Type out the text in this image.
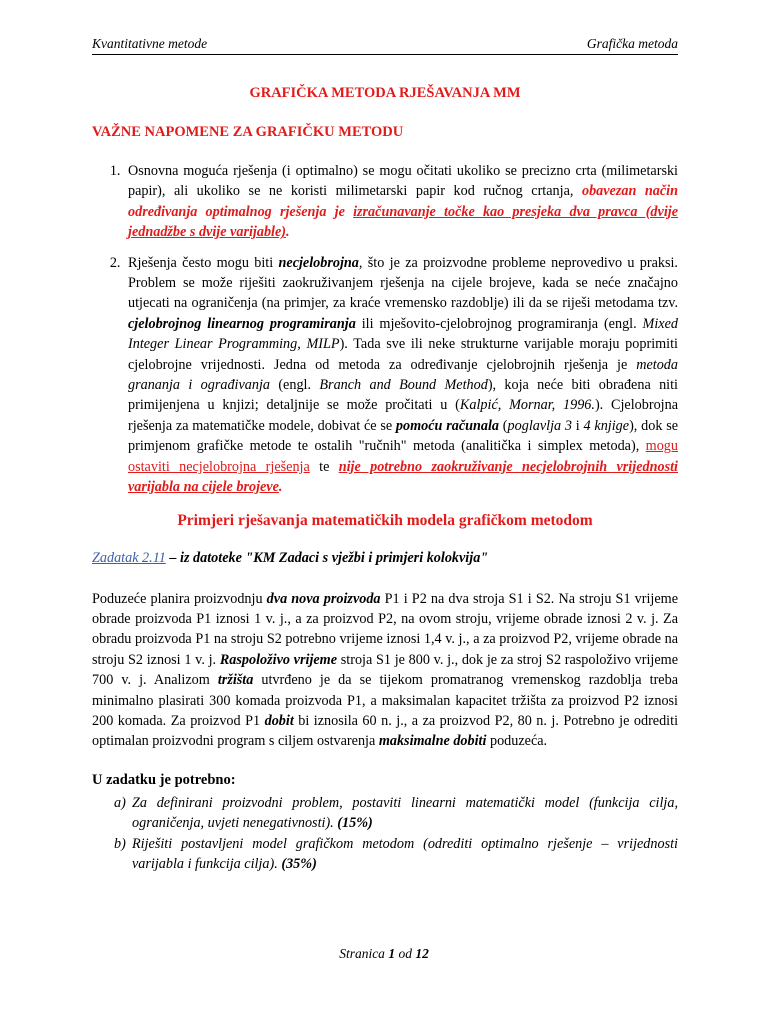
Kvantitativne metode	Grafička metoda
GRAFIČKA METODA RJEŠAVANJA MM
VAŽNE NAPOMENE ZA GRAFIČKU METODU
1. Osnovna moguća rješenja (i optimalno) se mogu očitati ukoliko se precizno crta (milimetarski papir), ali ukoliko se ne koristi milimetarski papir kod ručnog crtanja, obavezan način određivanja optimalnog rješenja je izračunavanje točke kao presjeka dva pravca (dvije jednadžbe s dvije varijable).
2. Rješenja često mogu biti necjelobrojna, što je za proizvodne probleme neprovedivo u praksi. Problem se može riješiti zaokruživanjem rješenja na cijele brojeve, kada se neće značajno utjecati na ograničenja (na primjer, za kraće vremensko razdoblje) ili da se riješi metodama tzv. cjelobrojnog linearnog programiranja ili mješovito-cjelobrojnog programiranja (engl. Mixed Integer Linear Programming, MILP). Tada sve ili neke strukturne varijable moraju poprimiti cjelobrojne vrijednosti. Jedna od metoda za određivanje cjelobrojnih rješenja je metoda grananja i ograđivanja (engl. Branch and Bound Method), koja neće biti obrađena niti primijenjena u knjizi; detaljnije se može pročitati u (Kalpić, Mornar, 1996.). Cjelobrojna rješenja za matematičke modele, dobivat će se pomoću računala (poglavlja 3 i 4 knjige), dok se primjenom grafičke metode te ostalih "ručnih" metoda (analitička i simplex metoda), mogu ostaviti necjelobrojna rješenja te nije potrebno zaokruživanje necjelobrojnih vrijednosti varijabla na cijele brojeve.
Primjeri rješavanja matematičkih modela grafičkom metodom
Zadatak 2.11 – iz datoteke "KM Zadaci s vježbi i primjeri kolokvija"

Poduzeće planira proizvodnju dva nova proizvoda P1 i P2 na dva stroja S1 i S2. Na stroju S1 vrijeme obrade proizvoda P1 iznosi 1 v. j., a za proizvod P2, na ovom stroju, vrijeme obrade iznosi 2 v. j. Za obradu proizvoda P1 na stroju S2 potrebno vrijeme iznosi 1,4 v. j., a za proizvod P2, vrijeme obrade na stroju S2 iznosi 1 v. j. Raspoloživo vrijeme stroja S1 je 800 v. j., dok je za stroj S2 raspoloživo vrijeme 700 v. j. Analizom tržišta utvrđeno je da se tijekom promatranog vremenskog razdoblja treba minimalno plasirati 300 komada proizvoda P1, a maksimalan kapacitet tržišta za proizvod P2 iznosi 200 komada. Za proizvod P1 dobit bi iznosila 60 n. j., a za proizvod P2, 80 n. j. Potrebno je odrediti optimalan proizvodni program s ciljem ostvarenja maksimalne dobiti poduzeća.

U zadatku je potrebno:
a) Za definirani proizvodni problem, postaviti linearni matematički model (funkcija cilja, ograničenja, uvjeti nenegativnosti). (15%)
b) Riješiti postavljeni model grafičkom metodom (odrediti optimalno rješenje – vrijednosti varijabla i funkcija cilja). (35%)
Stranica 1 od 12
